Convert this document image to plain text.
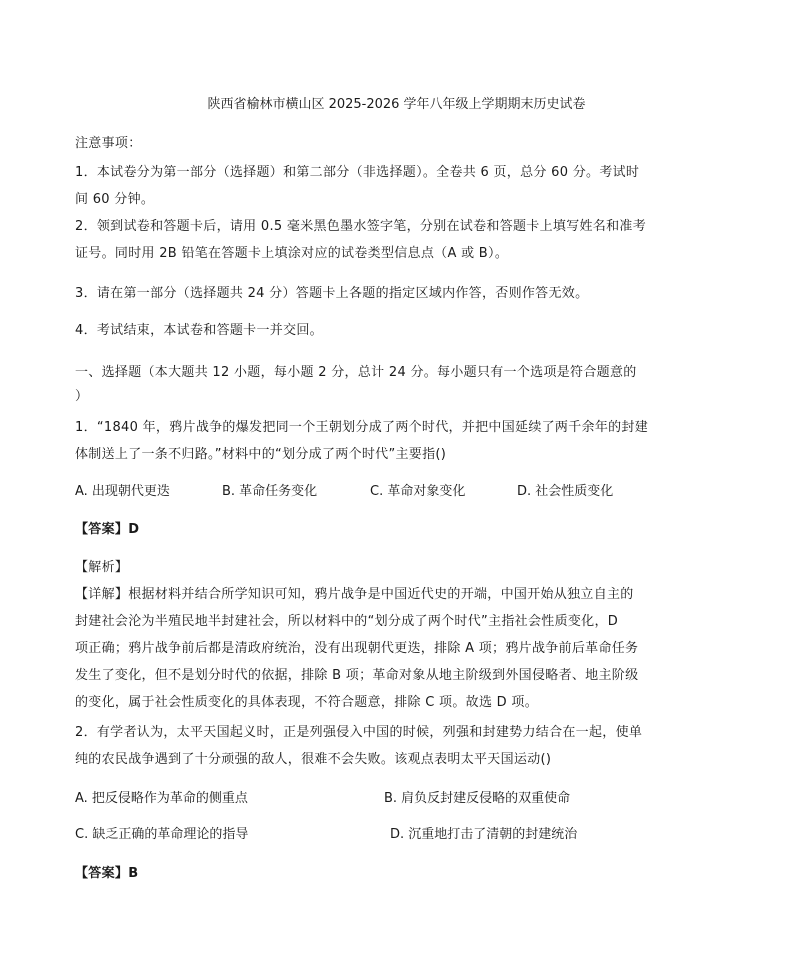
陕西省榆林市横山区 2025-2026 学年八年级上学期期末历史试卷
注意事项：
1．本试卷分为第一部分（选择题）和第二部分（非选择题）。全卷共 6 页，总分 60 分。考试时
间 60 分钟。
2．领到试卷和答题卡后，请用 0.5 毫米黑色墨水签字笔，分别在试卷和答题卡上填写姓名和准考
证号。同时用 2B 铅笔在答题卡上填涂对应的试卷类型信息点（A 或 B）。
3．请在第一部分（选择题共 24 分）答题卡上各题的指定区域内作答，否则作答无效。
4．考试结束，本试卷和答题卡一并交回。
一、选择题（本大题共 12 小题，每小题 2 分，总计 24 分。每小题只有一个选项是符合题意的
）
1．“1840 年，鸦片战争的爆发把同一个王朝划分成了两个时代，并把中国延续了两千余年的封建
体制送上了一条不归路。”材料中的“划分成了两个时代”主要指()
A. 出现朝代更迭	B. 革命任务变化	C. 革命对象变化	D. 社会性质变化
【答案】D
【解析】
【详解】根据材料并结合所学知识可知，鸦片战争是中国近代史的开端，中国开始从独立自主的
封建社会沦为半殖民地半封建社会，所以材料中的“划分成了两个时代”主指社会性质变化，D
项正确；鸦片战争前后都是清政府统治，没有出现朝代更迭，排除 A 项；鸦片战争前后革命任务
发生了变化，但不是划分时代的依据，排除 B 项；革命对象从地主阶级到外国侵略者、地主阶级
的变化，属于社会性质变化的具体表现，不符合题意，排除 C 项。故选 D 项。
2．有学者认为，太平天国起义时，正是列强侵入中国的时候，列强和封建势力结合在一起，使单
纯的农民战争遇到了十分顽强的敌人，很难不会失败。该观点表明太平天国运动()
A. 把反侵略作为革命的侧重点	B. 肩负反封建反侵略的双重使命
C. 缺乏正确的革命理论的指导	D. 沉重地打击了清朝的封建统治
【答案】B
